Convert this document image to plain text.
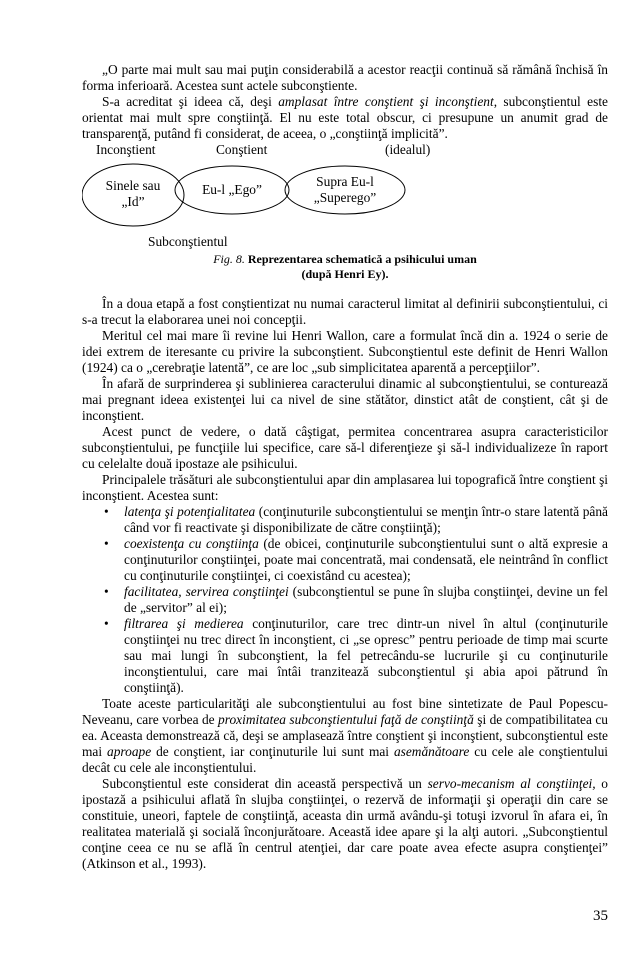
„O parte mai mult sau mai puţin considerabilă a acestor reacţii continuă să rămână închisă în forma inferioară. Acestea sunt actele subconştiente.

S-a acreditat şi ideea că, deşi amplasat între conştient şi inconştient, subconştientul este orientat mai mult spre conştiinţă. El nu este total obscur, ci presupune un anumit grad de transparenţă, putând fi considerat, de aceea, o „conştiinţă implicită”.

Inconştient	Conştient	(idealul)
Sinele sau
„Id”
Eu-l „Ego”
Supra Eu-l
„Superego”
Subconştientul
Fig. 8. Reprezentarea schematică a psihicului uman
(după Henri Ey).

În a doua etapă a fost conştientizat nu numai caracterul limitat al definirii subconştientului, ci s-a trecut la elaborarea unei noi concepţii.

Meritul cel mai mare îi revine lui Henri Wallon, care a formulat încă din a. 1924 o serie de idei extrem de iteresante cu privire la subconştient. Subconştientul este definit de Henri Wallon (1924) ca o „cerebraţie latentă”, ce are loc „sub simplicitatea aparentă a percepţiilor”.

În afară de surprinderea şi sublinierea caracterului dinamic al subconştientului, se conturează mai pregnant ideea existenţei lui ca nivel de sine stătător, dinstict atât de conştient, cât şi de inconştient.

Acest punct de vedere, o dată câştigat, permitea concentrarea asupra caracteristicilor subconştientului, pe funcţiile lui specifice, care să-l diferenţieze şi să-l individualizeze în raport cu celelalte două ipostaze ale psihicului.

Principalele trăsături ale subconştientului apar din amplasarea lui topografică între conştient şi inconştient. Acestea sunt:

• latenţa şi potenţialitatea (conţinuturile subconştientului se menţin într-o stare latentă până când vor fi reactivate şi disponibilizate de către conştiinţă);
• coexistenţa cu conştiinţa (de obicei, conţinuturile subconştientului sunt o altă expresie a conţinuturilor conştiinţei, poate mai concentrată, mai condensată, ele neintrând în conflict cu conţinuturile conştiinţei, ci coexistând cu acestea);
• facilitatea, servirea conştiinţei (subconştientul se pune în slujba conştiinţei, devine un fel de „servitor” al ei);
• filtrarea şi medierea conţinuturilor, care trec dintr-un nivel în altul (conţinuturile conştiinţei nu trec direct în inconştient, ci „se opresc” pentru perioade de timp mai scurte sau mai lungi în subconştient, la fel petrecându-se lucrurile şi cu conţinuturile inconştientului, care mai întâi tranzitează subconştientul şi abia apoi pătrund în conştiinţă).

Toate aceste particularităţi ale subconştientului au fost bine sintetizate de Paul Popescu-Neveanu, care vorbea de proximitatea subconştientului faţă de conştiinţă şi de compatibilitatea cu ea. Aceasta demonstrează că, deşi se amplasează între conştient şi inconştient, subconştientul este mai aproape de conştient, iar conţinuturile lui sunt mai asemănătoare cu cele ale conştientului decât cu cele ale inconştientului.

Subconştientul este considerat din această perspectivă un servo-mecanism al conştiinţei, o ipostază a psihicului aflată în slujba conştiinţei, o rezervă de informaţii şi operaţii din care se constituie, uneori, faptele de conştiinţă, aceasta din urmă avându-şi totuşi izvorul în afara ei, în realitatea materială şi socială înconjurătoare. Această idee apare şi la alţi autori. „Subconştientul conţine ceea ce nu se află în centrul atenţiei, dar care poate avea efecte asupra conştienţei” (Atkinson et al., 1993).

35
